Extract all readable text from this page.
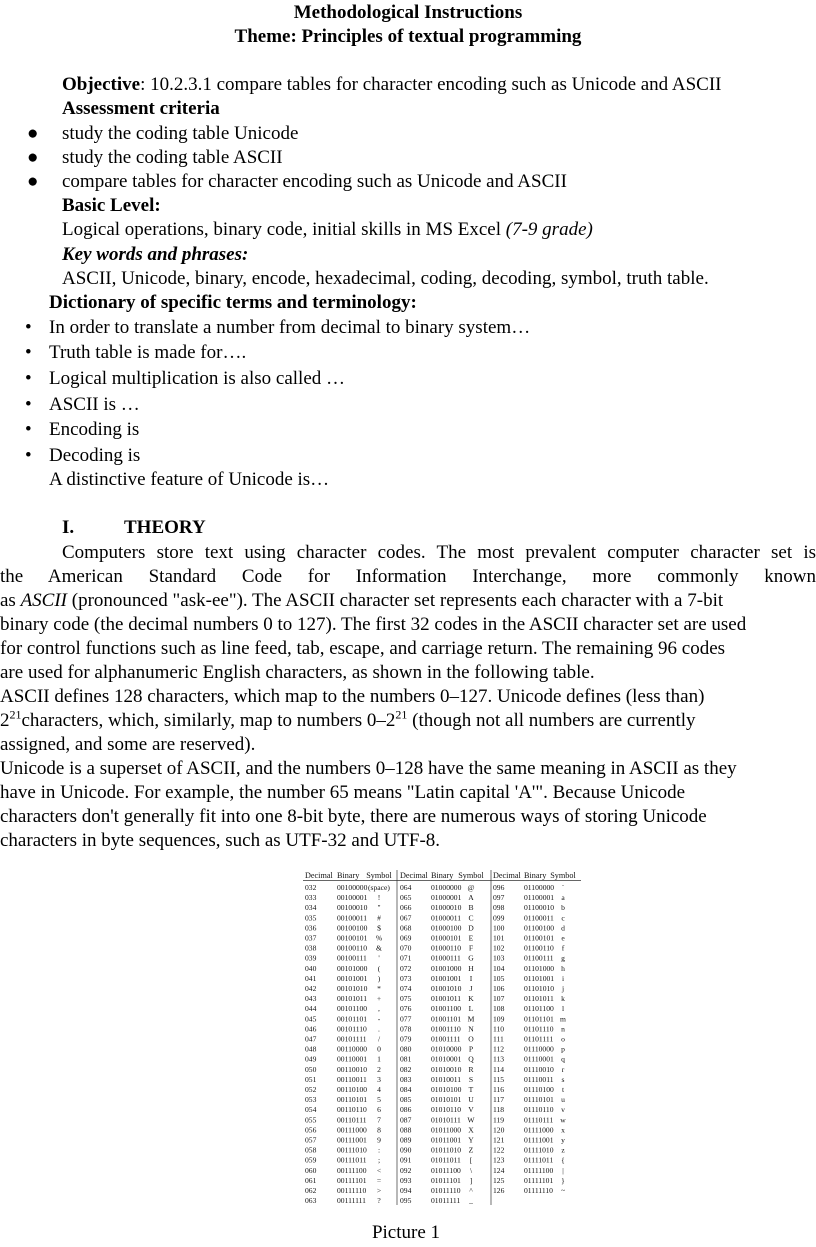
Methodological Instructions
Theme: Principles of textual programming
Objective: 10.2.3.1 compare tables for character encoding such as Unicode and ASCII
Assessment criteria
● study the coding table Unicode
● study the coding table ASCII
● compare tables for character encoding such as Unicode and ASCII
Basic Level:
Logical operations, binary code, initial skills in MS Excel (7-9 grade)
Key words and phrases:
ASCII, Unicode, binary, encode, hexadecimal, coding, decoding, symbol, truth table.
Dictionary of specific terms and terminology:
• In order to translate a number from decimal to binary system…
• Truth table is made for….
• Logical multiplication is also called …
• ASCII is …
• Encoding is
• Decoding is
A distinctive feature of Unicode is…
I.	THEORY
Computers store text using character codes. The most prevalent computer character set is
the American Standard Code for Information Interchange, more commonly known
as ASCII (pronounced "ask-ee"). The ASCII character set represents each character with a 7-bit
binary code (the decimal numbers 0 to 127). The first 32 codes in the ASCII character set are used
for control functions such as line feed, tab, escape, and carriage return. The remaining 96 codes
are used for alphanumeric English characters, as shown in the following table.
ASCII defines 128 characters, which map to the numbers 0–127. Unicode defines (less than)
$2^{21}characters$, which, similarly, map to numbers $0-2^{21}$ (though not all numbers are currently
assigned, and some are reserved).
Unicode is a superset of ASCII, and the numbers 0–128 have the same meaning in ASCII as they
have in Unicode. For example, the number 65 means "Latin capital 'A'". Because Unicode
characters don't generally fit into one 8-bit byte, there are numerous ways of storing Unicode
characters in byte sequences, such as UTF-32 and UTF-8.
Decimal Binary Symbol Decimal Binary Symbol Decimal Binary Symbol
032	00100000 (space) 064	01000000 @ 096	01100000 `
033	00100001 !	065	01000001 A	097	01100001 a
034	00100010 "	066	01000010 B	098	01100010 b
035	00100011 #	067	01000011 C	099	01100011 c
036	00100100 $	068	01000100 D	100	01100100 d
037	00100101 % 069	01000101 E	101	01100101 e
038	00100110 & 070	01000110 F	102	01100110 f
039	00100111 '	071	01000111 G	103	01100111 g
040	00101000 (	072	01001000 H	104	01101000 h
041	00101001 )	073	01001001 I	105	01101001 i
042	00101010 *	074	01001010 J	106	01101010 j
043	00101011 + 075	01001011 K	107	01101011 k
044	00101100 ,	076	01001100 L	108	01101100 l
045	00101101 -	077	01001101 M 109	01101101 m
046	00101110 .	078	01001110 N	110	01101110 n
047	00101111 /	079	01001111 O	111	01101111 o
048	00110000 0	080	01010000 P	112	01110000 p
049	00110001 1	081	01010001 Q	113	01110001 q
050	00110010 2	082	01010010 R	114	01110010 r
051	00110011 3	083	01010011 S	115	01110011 s
052	00110100 4	084	01010100 T	116	01110100 t
053	00110101 5	085	01010101 U	117	01110101 u
054	00110110 6	086	01010110 V	118	01110110 v
055	00110111 7	087	01010111 W 119	01110111 w
056	00111000 8	088	01011000 X	120	01111000 x
057	00111001 9	089	01011001 Y	121	01111001 y
058	00111010 :	090	01011010 Z	122	01111010 z
059	00111011 ;	091	01011011 [	123	01111011 {
060	00111100 < 092	01011100 \	124	01111100 |
061	00111101 = 093	01011101 ]	125	01111101 }
062	00111110 > 094	01011110 ^	126	01111110 ~
063	00111111 ?	095	01011111 _
Picture 1
